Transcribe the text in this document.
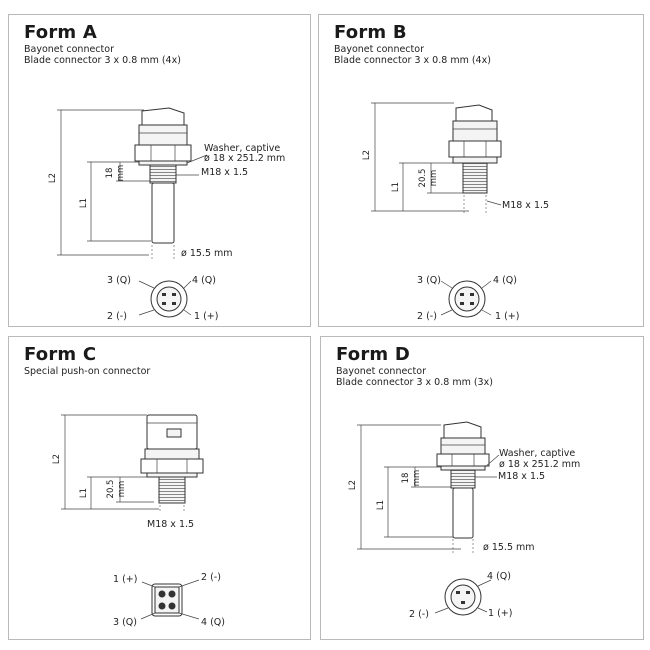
Form A
Bayonet connector
Blade connector 3 x 0.8 mm (4x)
L2
L1
18 mm
Washer, captive
ø 18 x 251.2 mm
M18 x 1.5
ø 15.5 mm
3 (Q)	4 (Q)
2 (-)	1 (+)
Form B
Bayonet connector
Blade connector 3 x 0.8 mm (4x)
L2
L1 20.5 mm
M18 x 1.5
3 (Q)	4 (Q)
2 (-)	1 (+)
Form C
Special push-on connector
L2
L1 20.5 mm
M18 x 1.5
1 (+)	2 (-)
3 (Q)	4 (Q)
Form D
Bayonet connector
Blade connector 3 x 0.8 mm (3x)
L2
L1
18 mm
Washer, captive
ø 18 x 251.2 mm
M18 x 1.5
ø 15.5 mm
4 (Q)
2 (-)	1 (+)
